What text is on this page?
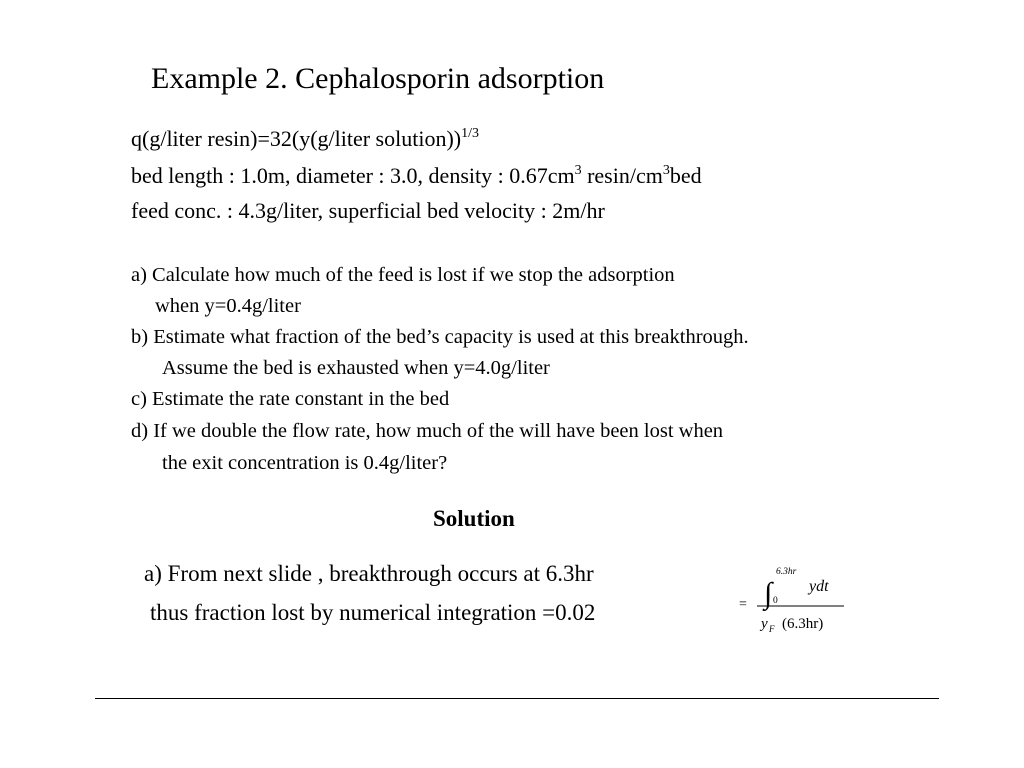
Example 2. Cephalosporin adsorption
q(g/liter resin)=32(y(g/liter solution))$^{1/3}$
bed length : 1.0m, diameter : 3.0, density : $0.67cm^3$ resin/$cm^3bed$
feed conc. : 4.3g/liter, superficial bed velocity : 2m/hr
a) Calculate how much of the feed is lost if we stop the adsorption
when y=0.4g/liter
b) Estimate what fraction of the bed’s capacity is used at this breakthrough.
Assume the bed is exhausted when y=4.0g/liter
c) Estimate the rate constant in the bed
d) If we double the flow rate, how much of the will have been lost when
the exit concentration is 0.4g/liter?
Solution
a) From next slide , breakthrough occurs at 6.3hr
thus fraction lost by numerical integration =0.02	= ∫
6.3hr
0
ydt
y F (6.3hr)
